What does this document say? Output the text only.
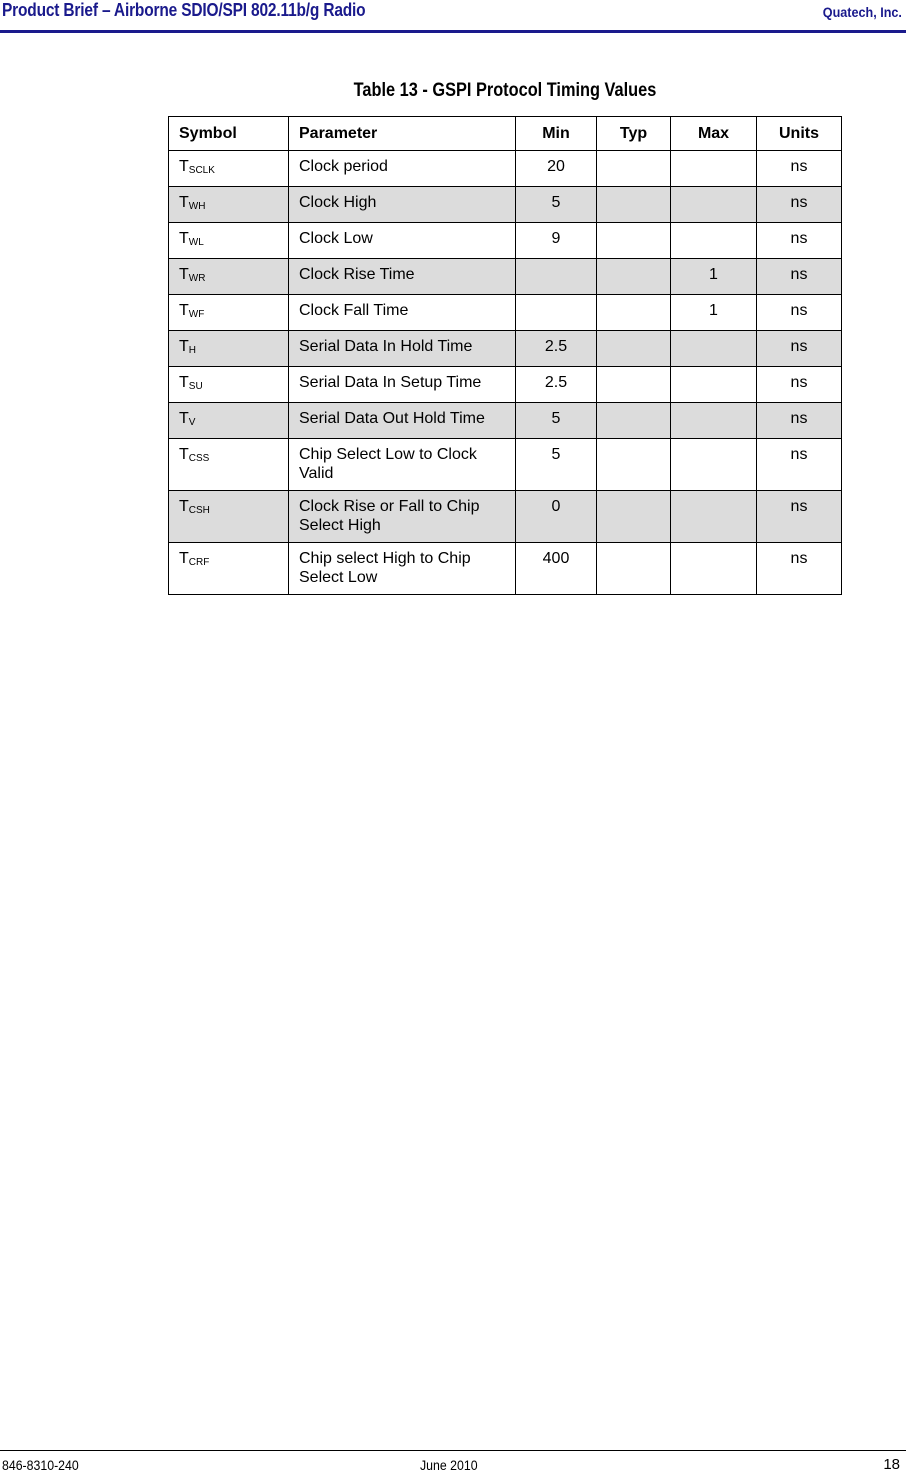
Product Brief – Airborne SDIO/SPI 802.11b/g Radio	Quatech, Inc.
Table 13 - GSPI Protocol Timing Values
Symbol	Parameter	Min	Typ	Max	Units
TSCLK	Clock period	20			ns
TWH	Clock High	5			ns
TWL	Clock Low	9			ns
TWR	Clock Rise Time			1	ns
TWF	Clock Fall Time			1	ns
TH	Serial Data In Hold Time	2.5			ns
TSU	Serial Data In Setup Time	2.5			ns
TV	Serial Data Out Hold Time	5			ns
TCSS	Chip Select Low to Clock Valid	5			ns
TCSH	Clock Rise or Fall to Chip Select High	0			ns
TCRF	Chip select High to Chip Select Low	400			ns
846-8310-240	June 2010	18
